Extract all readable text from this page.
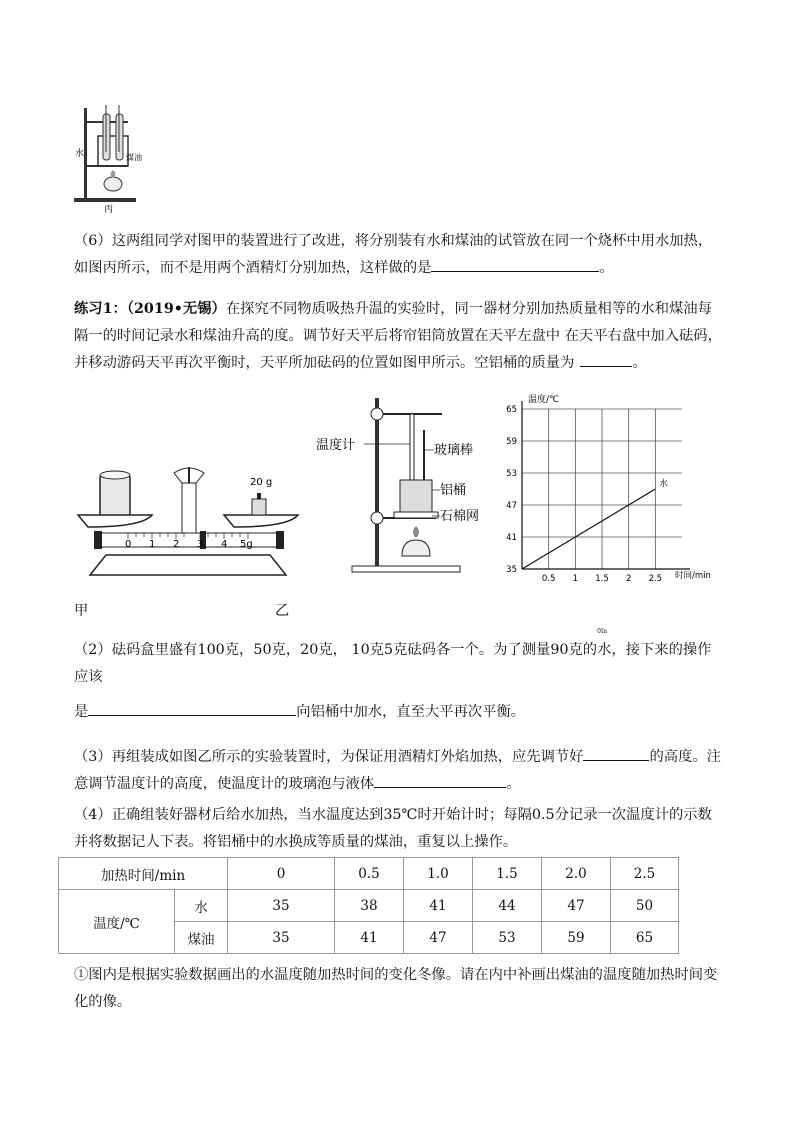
水	煤油
丙
（6）这两组同学对图甲的装置进行了改进，将分别装有水和煤油的试管放在同一个烧杯中用水加热，如图丙所示，而不是用两个酒精灯分别加热，这样做的是	。
练习1：（2019•无锡）在探究不同物质吸热升温的实验时，同一器材分别加热质量相等的水和煤油每隔一的时间记录水和煤油升高的度。调节好天平后将帘铝筒放置在天平左盘中 在天平右盘中加入砝码，并移动游码天平再次平衡时，天平所加砝码的位置如图甲所示。空铝桶的质量为	。
20 g
0 1 2 3 4 5g
温度计	玻璃棒
铝桶
石棉网
温度/℃
时间/min
0.5 1 1.5 2 2.5
35
41
47
53
59
65
水
甲	乙
（2）砝码盒里盛有100克，50克，20克， 10克5克砝码各一个。为了测量90克的
0In
水，接下来的操作应该

是	向铝桶中加水，直至大平再次平衡。
（3）再组装成如图乙所示的实验装置时，为保证用酒精灯外焰加热，应先调节好	的高度。注意调节温度计的高度，使温度计的玻璃泡与液体	。
（4）正确组装好器材后给水加热，当水温度达到35℃时开始计时；每隔0.5分记录一次温度计的示数并将数据记人下表。将铝桶中的水换成等质量的煤油，重复以上操作。
加热时间/min		0	0.5	1.0	1.5	2.0	2.5
温度/℃	水	35	38	41	44	47	50
	煤油	35	41	47	53	59	65
①图内是根据实验数据画出的水温度随加热时间的变化冬像。请在内中补画出煤油的温度随加热时间变化的像。
